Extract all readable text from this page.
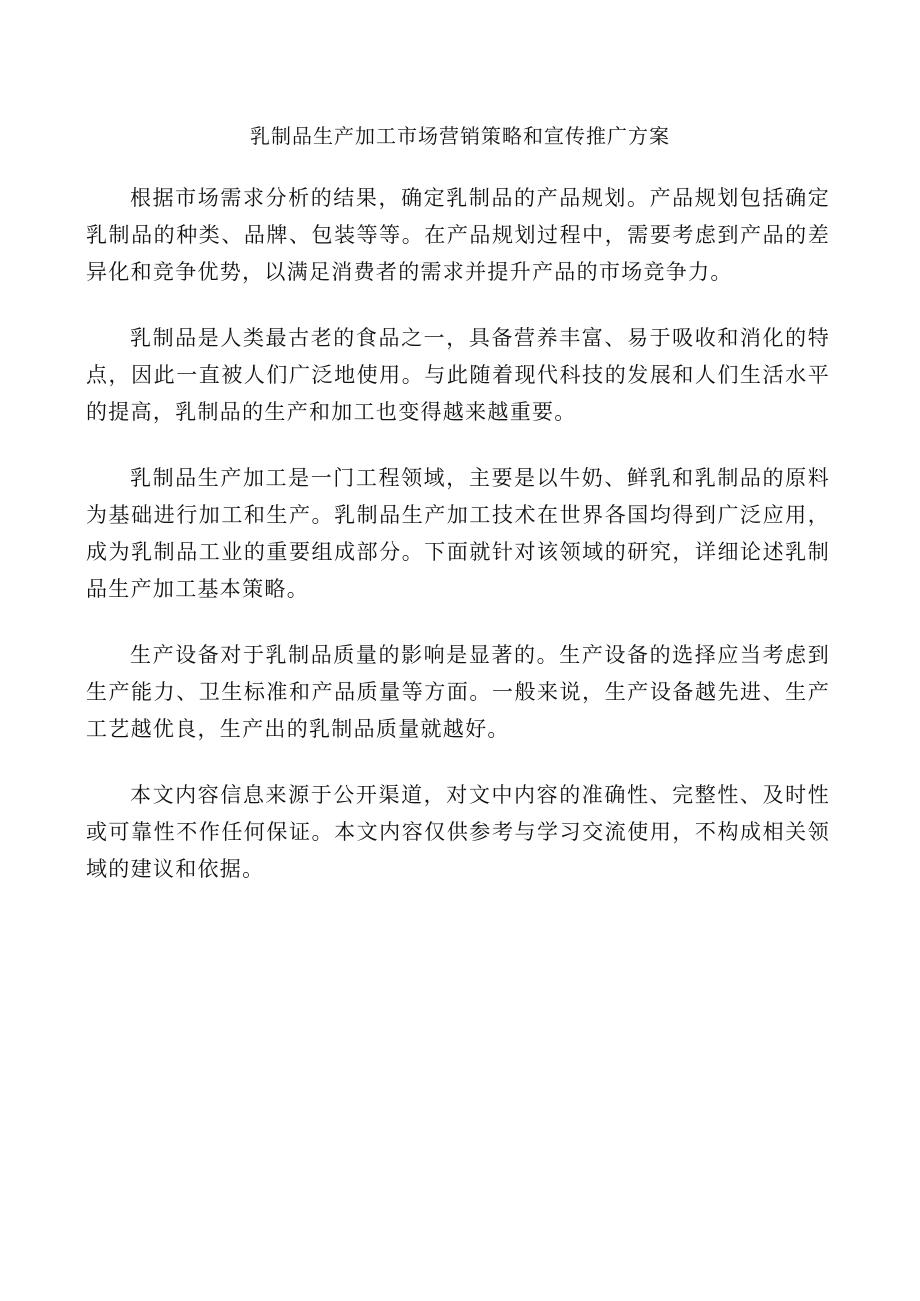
乳制品生产加工市场营销策略和宣传推广方案

根据市场需求分析的结果，确定乳制品的产品规划。产品规划包括确定乳制品的种类、品牌、包装等等。在产品规划过程中，需要考虑到产品的差异化和竞争优势，以满足消费者的需求并提升产品的市场竞争力。

乳制品是人类最古老的食品之一，具备营养丰富、易于吸收和消化的特点，因此一直被人们广泛地使用。与此随着现代科技的发展和人们生活水平的提高，乳制品的生产和加工也变得越来越重要。

乳制品生产加工是一门工程领域，主要是以牛奶、鲜乳和乳制品的原料为基础进行加工和生产。乳制品生产加工技术在世界各国均得到广泛应用，成为乳制品工业的重要组成部分。下面就针对该领域的研究，详细论述乳制品生产加工基本策略。

生产设备对于乳制品质量的影响是显著的。生产设备的选择应当考虑到生产能力、卫生标准和产品质量等方面。一般来说，生产设备越先进、生产工艺越优良，生产出的乳制品质量就越好。

本文内容信息来源于公开渠道，对文中内容的准确性、完整性、及时性或可靠性不作任何保证。本文内容仅供参考与学习交流使用，不构成相关领域的建议和依据。
